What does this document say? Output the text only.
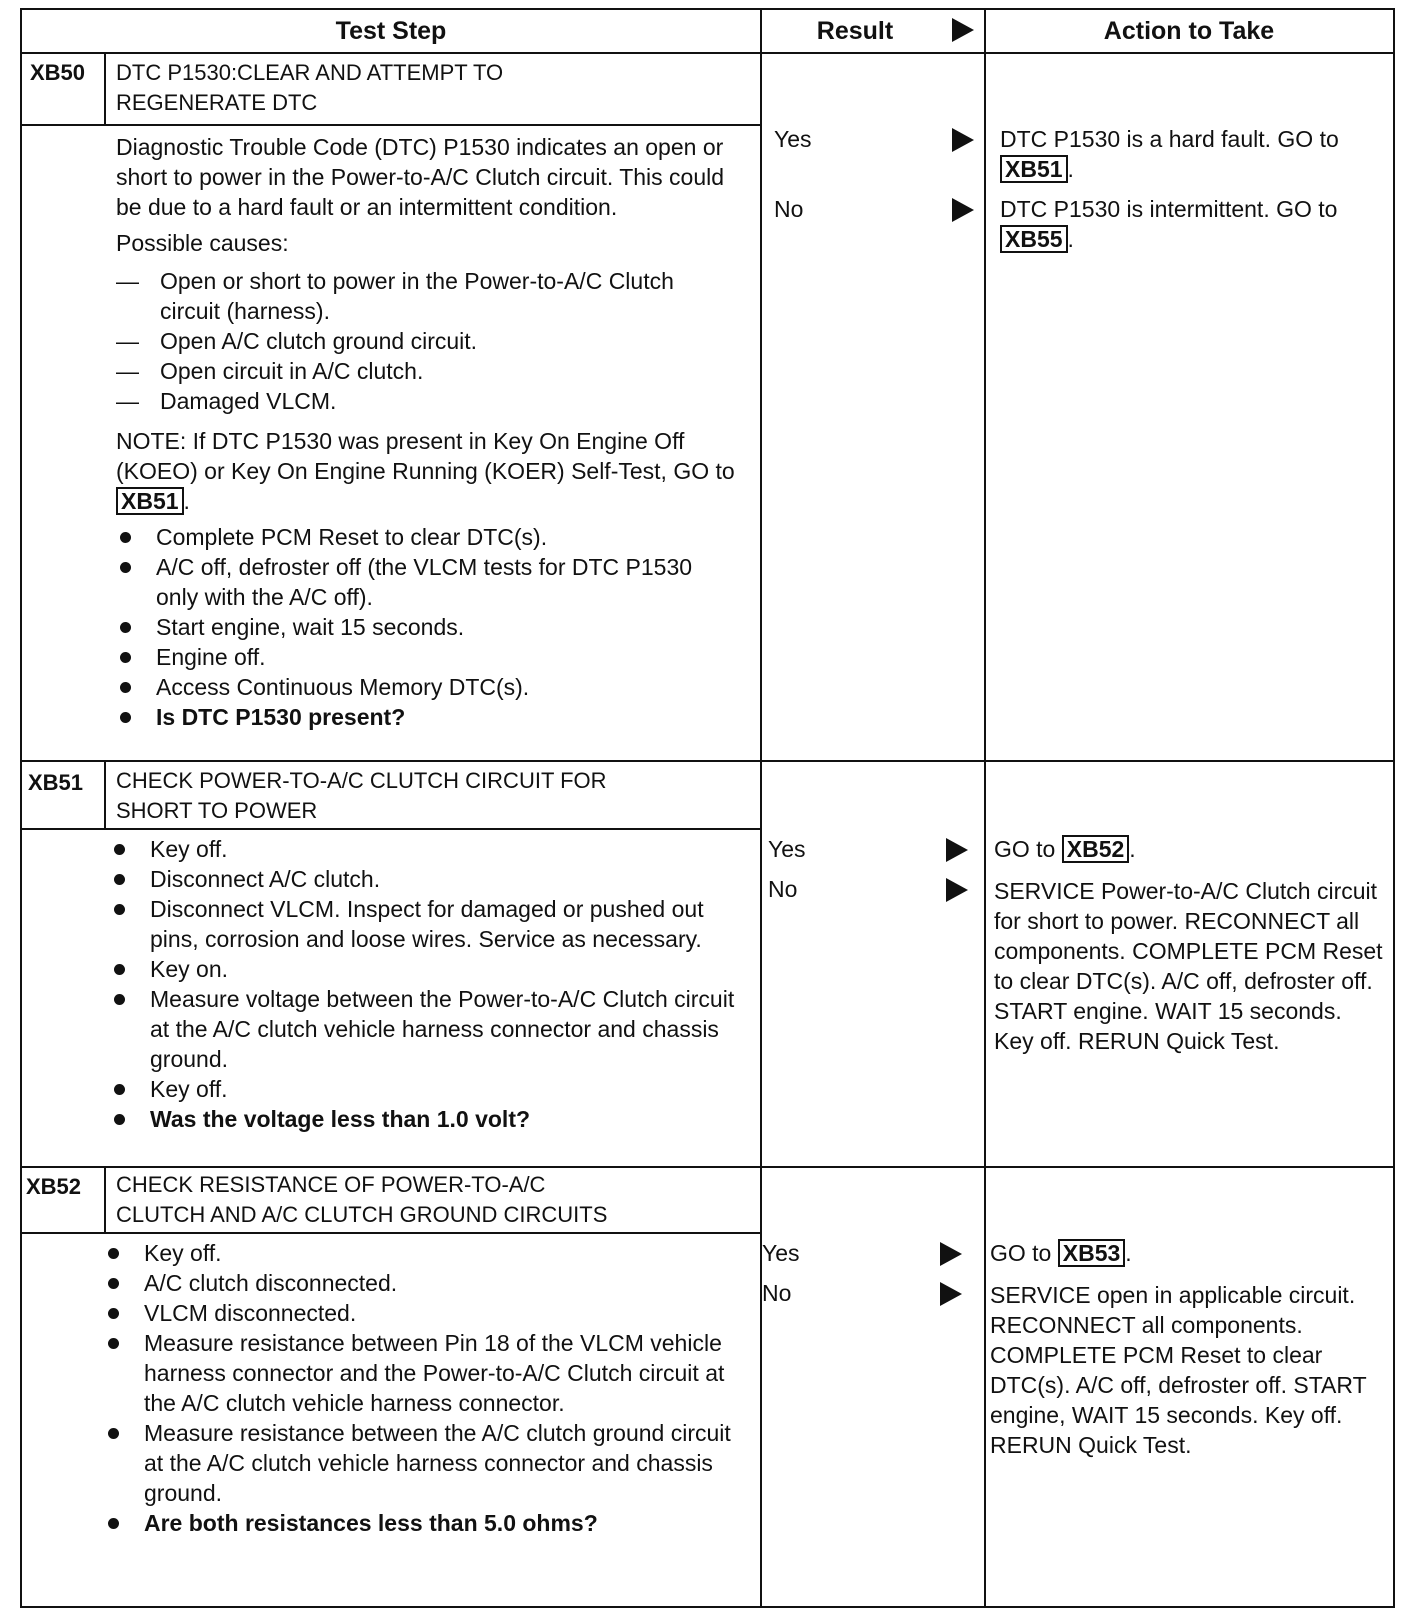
Test Step	Result	Action to Take
XB50 DTC P1530:CLEAR AND ATTEMPT TO
REGENERATE DTC

Diagnostic Trouble Code (DTC) P1530 indicates an open or short to power in the Power-to-A/C Clutch circuit. This could be due to a hard fault or an intermittent condition.

Possible causes:

— Open or short to power in the Power-to-A/C Clutch circuit (harness).

— Open A/C clutch ground circuit.

— Open circuit in A/C clutch.

— Damaged VLCM.

NOTE: If DTC P1530 was present in Key On Engine Off (KOEO) or Key On Engine Running (KOER) Self-Test, GO to XB51 .

Complete PCM Reset to clear DTC(s).
A/C off, defroster off (the VLCM tests for DTC P1530 only with the A/C off).
Start engine, wait 15 seconds.
Engine off.
Access Continuous Memory DTC(s).
Is DTC P1530 present?
Yes
No
DTC P1530 is a hard fault. GO to XB51 .
DTC P1530 is intermittent. GO to XB55 .
XB51 CHECK POWER-TO-A/C CLUTCH CIRCUIT FOR
SHORT TO POWER
Key off.
Disconnect A/C clutch.
Disconnect VLCM. Inspect for damaged or pushed out pins, corrosion and loose wires. Service as necessary.
Key on.
Measure voltage between the Power-to-A/C Clutch circuit at the A/C clutch vehicle harness connector and chassis ground.
Key off.
Was the voltage less than 1.0 volt?
Yes
No
GO to XB52 .
SERVICE Power-to-A/C Clutch circuit for short to power. RECONNECT all components. COMPLETE PCM Reset to clear DTC(s). A/C off, defroster off. START engine. WAIT 15 seconds. Key off. RERUN Quick Test.
XB52 CHECK RESISTANCE OF POWER-TO-A/C
CLUTCH AND A/C CLUTCH GROUND CIRCUITS
Key off.
A/C clutch disconnected.
VLCM disconnected.
Measure resistance between Pin 18 of the VLCM vehicle harness connector and the Power-to-A/C Clutch circuit at the A/C clutch vehicle harness connector.
Measure resistance between the A/C clutch ground circuit at the A/C clutch vehicle harness connector and chassis ground.
Are both resistances less than 5.0 ohms?
Yes
No
GO to XB53 .
SERVICE open in applicable circuit. RECONNECT all components. COMPLETE PCM Reset to clear DTC(s). A/C off, defroster off. START engine, WAIT 15 seconds. Key off. RERUN Quick Test.
